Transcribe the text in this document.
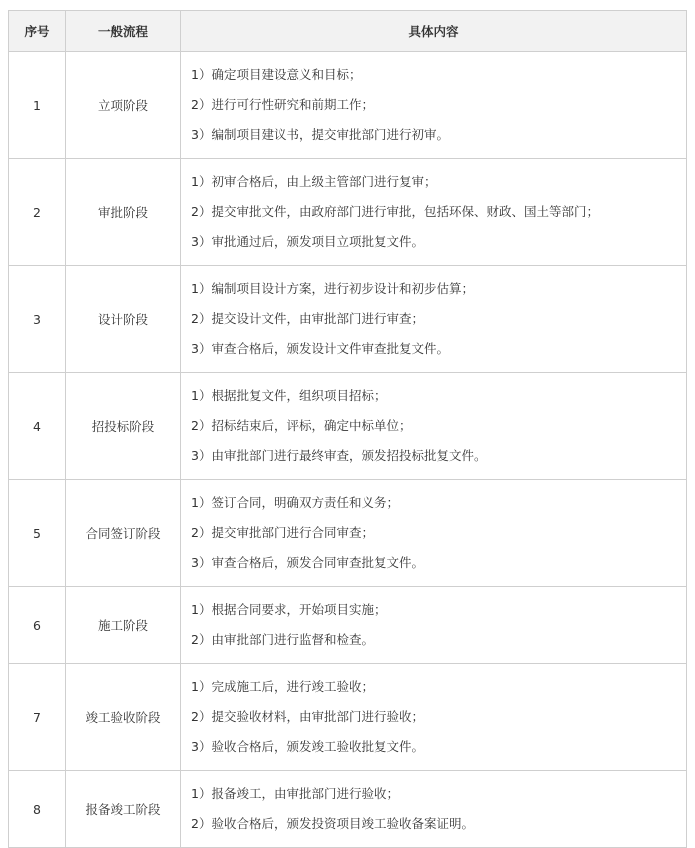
序号	一般流程	具体内容
1	立项阶段	1）确定项目建设意义和目标；
2）进行可行性研究和前期工作；
3）编制项目建议书，提交审批部门进行初审。

2	审批阶段	1）初审合格后，由上级主管部门进行复审；
2）提交审批文件，由政府部门进行审批，包括环保、财政、国土等部门；
3）审批通过后，颁发项目立项批复文件。

3	设计阶段	1）编制项目设计方案，进行初步设计和初步估算；
2）提交设计文件，由审批部门进行审查；
3）审查合格后，颁发设计文件审查批复文件。

4	招投标阶段	1）根据批复文件，组织项目招标；
2）招标结束后，评标，确定中标单位；
3）由审批部门进行最终审查，颁发招投标批复文件。

5	合同签订阶段	1）签订合同，明确双方责任和义务；
2）提交审批部门进行合同审查；
3）审查合格后，颁发合同审查批复文件。

6	施工阶段	1）根据合同要求，开始项目实施；
2）由审批部门进行监督和检查。

7	竣工验收阶段	1）完成施工后，进行竣工验收；
2）提交验收材料，由审批部门进行验收；
3）验收合格后，颁发竣工验收批复文件。

8	报备竣工阶段	1）报备竣工，由审批部门进行验收；
2）验收合格后，颁发投资项目竣工验收备案证明。
